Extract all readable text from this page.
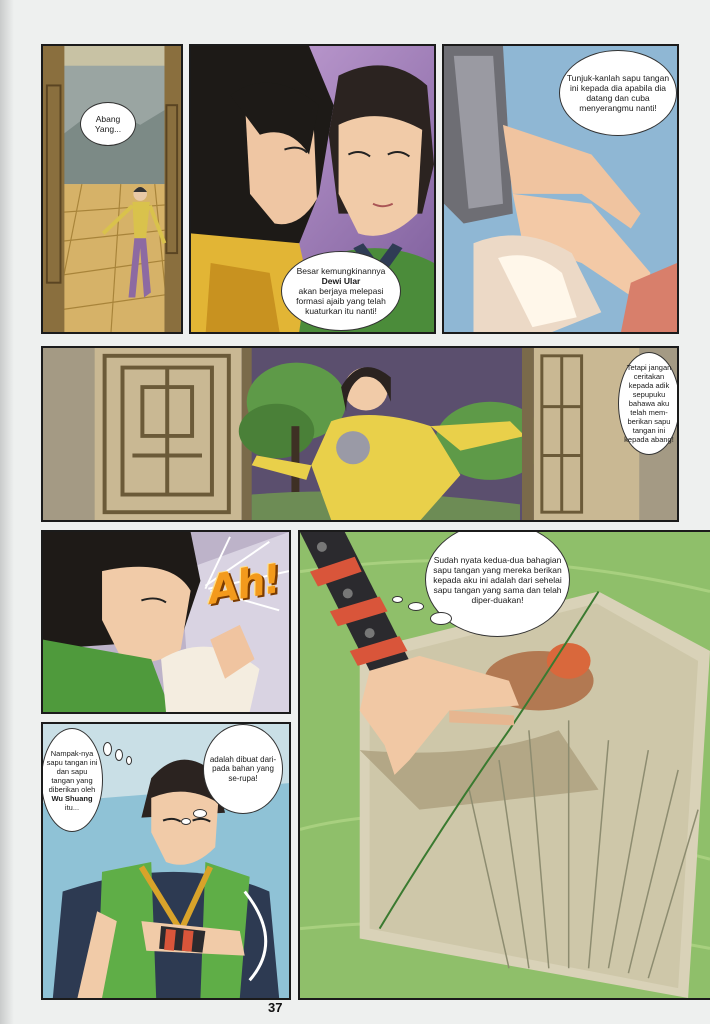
Abang Yang...
Besar kemungkinannya
Dewi Ular
akan berjaya melepasi formasi ajaib yang telah kuaturkan itu nanti!
Tunjuk-kanlah sapu tangan ini kepada dia apabila dia datang dan cuba menyerangmu nanti!
Tetapi jangan ceritakan kepada adik sepupuku bahawa aku telah mem-berikan sapu tangan ini kepada abang!
Ah!	Sudah nyata kedua-dua bahagian sapu tangan yang mereka berikan kepada aku ini adalah dari sehelai sapu tangan yang sama dan telah diper-duakan!
Nampak-nya sapu tangan ini dan sapu tangan yang diberikan oleh
Wu Shuang
itu...
adalah dibuat dari-pada bahan yang se-rupa!
37
